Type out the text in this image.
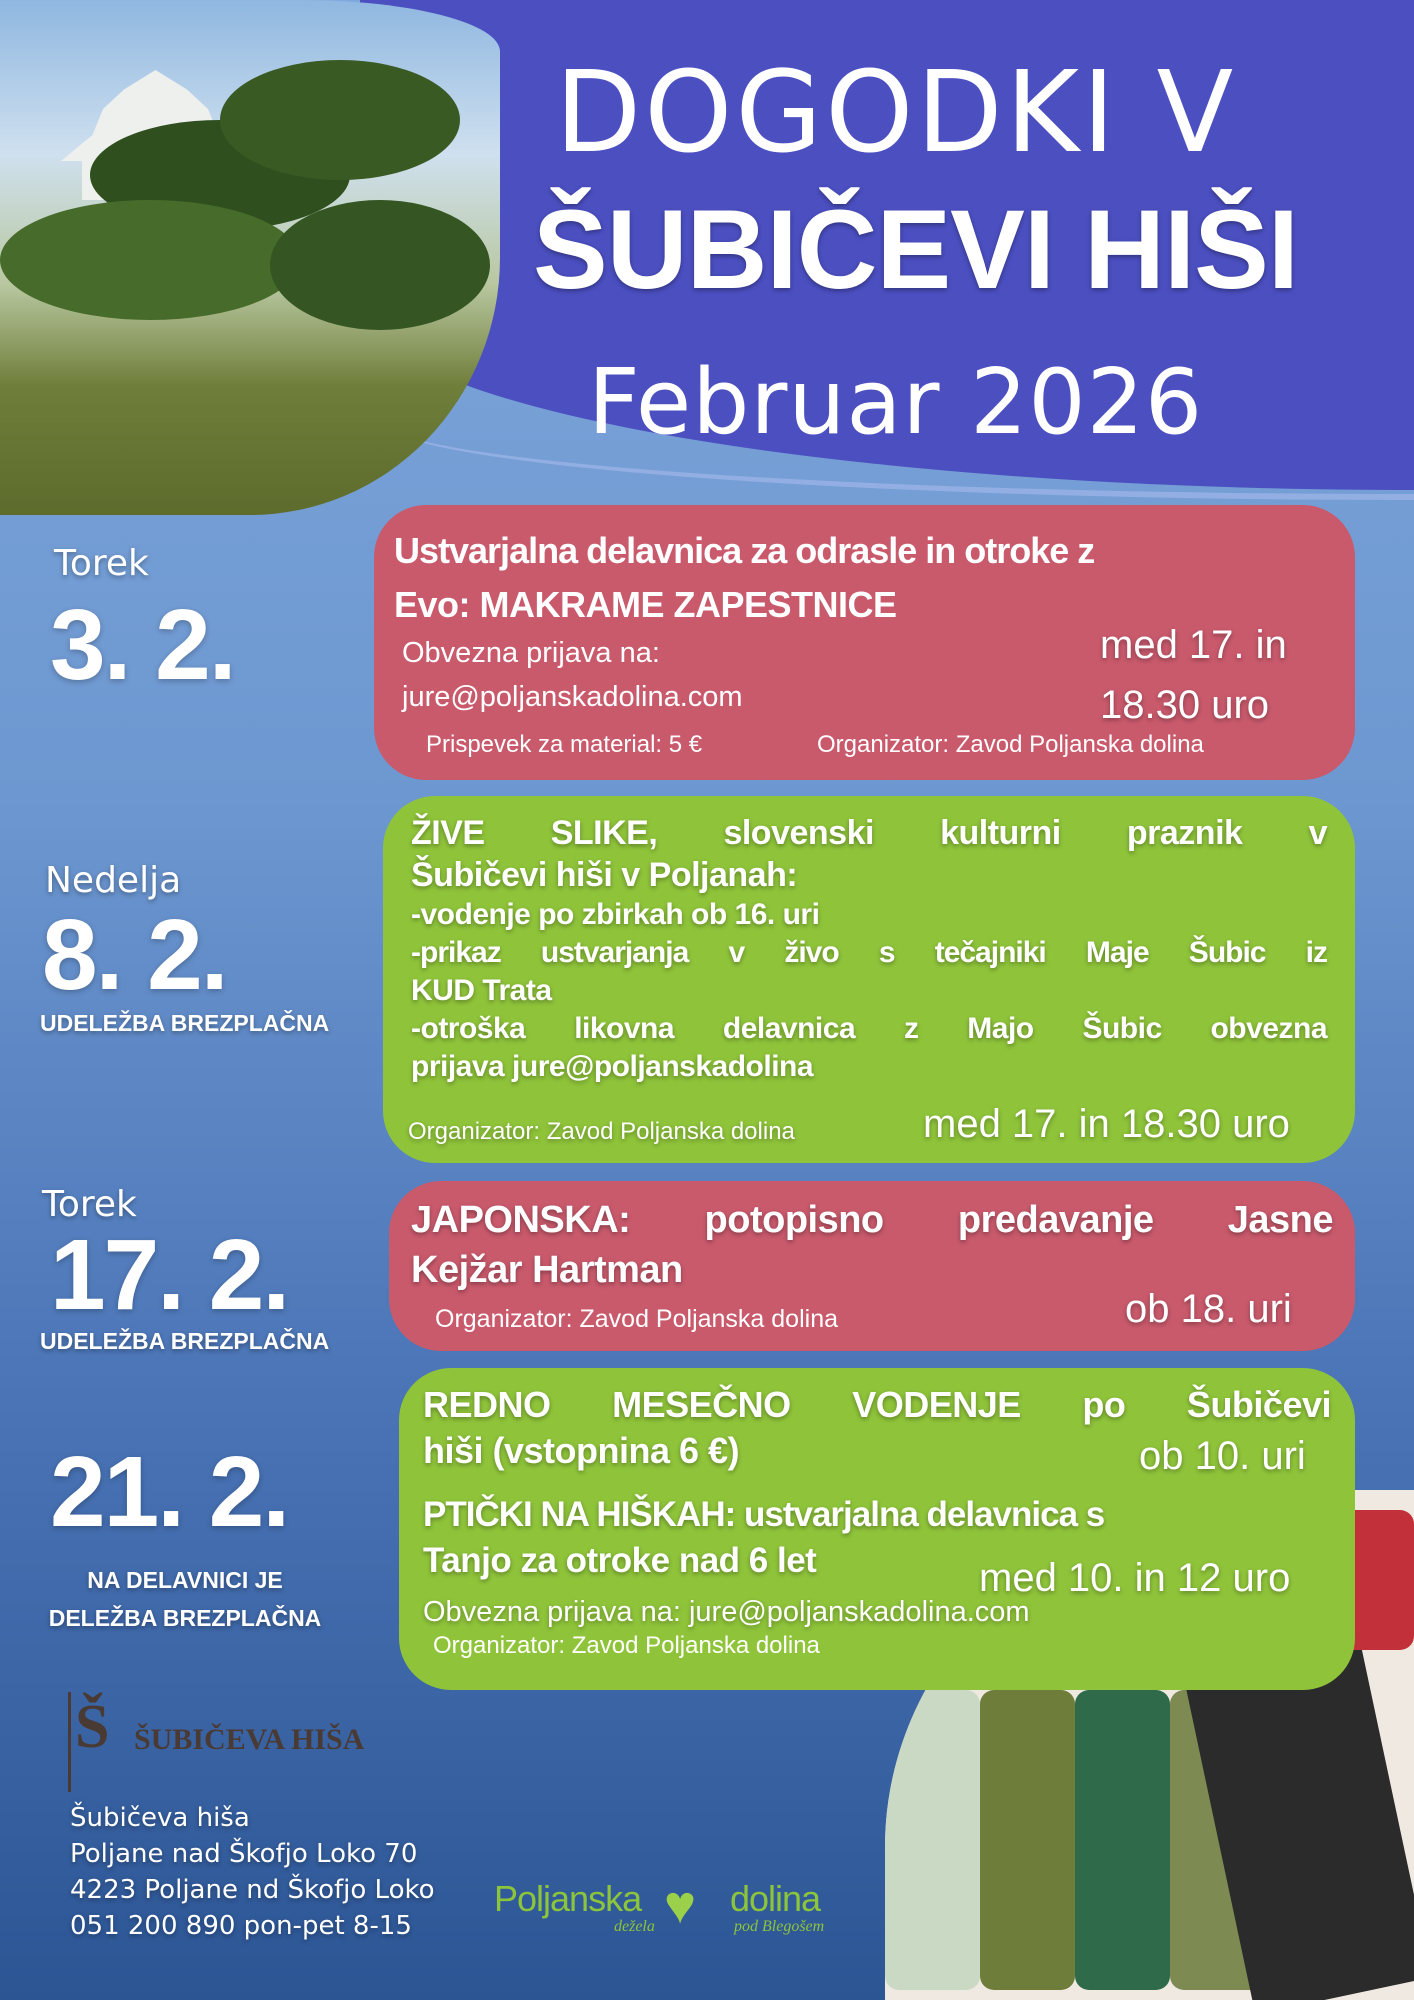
DOGODKI V
ŠUBIČEVI HIŠI
Februar 2026
Torek
3. 2.
Ustvarjalna delavnica za odrasle in otroke z
Evo: MAKRAME ZAPESTNICE
Obvezna prijava na:
jure@poljanskadolina.com
med 17. in
18.30 uro
Prispevek za material: 5 €	Organizator: Zavod Poljanska dolina
Nedelja
8. 2.
UDELEŽBA BREZPLAČNA
ŽIVE SLIKE, slovenski kulturni praznik v
Šubičevi hiši v Poljanah:
-vodenje po zbirkah ob 16. uri
-prikaz ustvarjanja v živo s tečajniki Maje Šubic iz
KUD Trata
-otroška likovna delavnica z Majo Šubic obvezna
prijava jure@poljanskadolina
Organizator: Zavod Poljanska dolina	med 17. in 18.30 uro
Torek
17. 2.
UDELEŽBA BREZPLAČNA
JAPONSKA: potopisno predavanje Jasne
Kejžar Hartman
Organizator: Zavod Poljanska dolina	ob 18. uri
21. 2.
NA DELAVNICI JE
DELEŽBA BREZPLAČNA
REDNO MESEČNO VODENJE po Šubičevi
hiši (vstopnina 6 €)	ob 10. uri
PTIČKI NA HIŠKAH: ustvarjalna delavnica s
Tanjo za otroke nad 6 let	med 10. in 12 uro
Obvezna prijava na: jure@poljanskadolina.com
Organizator: Zavod Poljanska dolina
Š ŠUBIČEVA HIŠA
Šubičeva hiša
Poljane nad Škofjo Loko 70
4223 Poljane nd Škofjo Loko
051 200 890 pon-pet 8-15
Poljanska ♥ dolina
dežela	pod Blegošem
